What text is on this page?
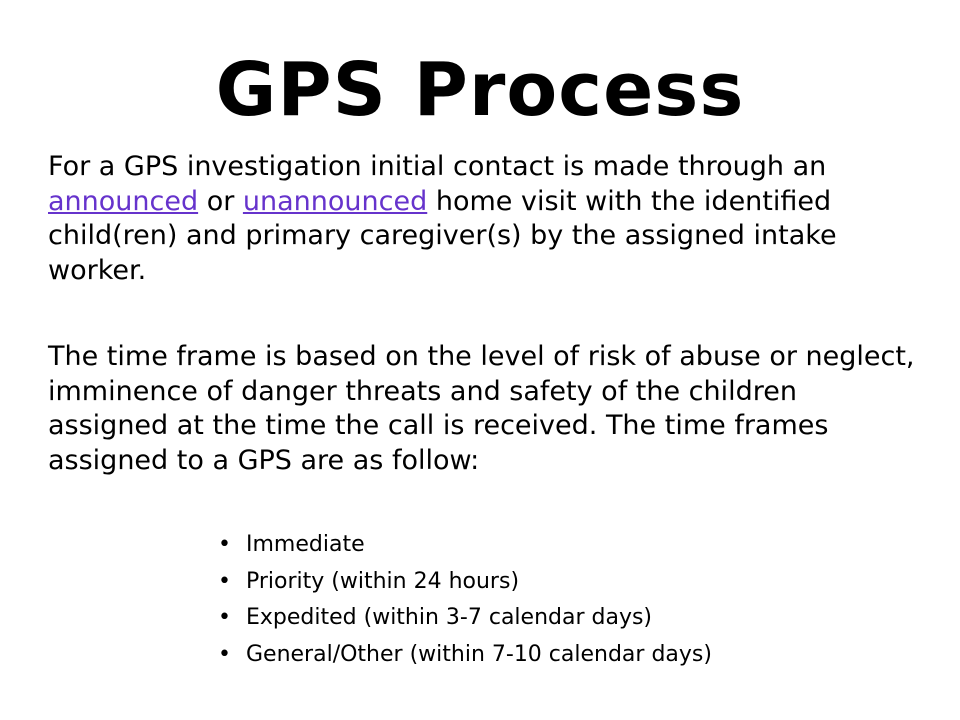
GPS Process

For a GPS investigation initial contact is made through an announced or unannounced home visit with the identified child(ren) and primary caregiver(s) by the assigned intake worker.

The time frame is based on the level of risk of abuse or neglect, imminence of danger threats and safety of the children assigned at the time the call is received. The time frames assigned to a GPS are as follow:

• Immediate
• Priority (within 24 hours)
• Expedited (within 3-7 calendar days)
• General/Other (within 7-10 calendar days)
